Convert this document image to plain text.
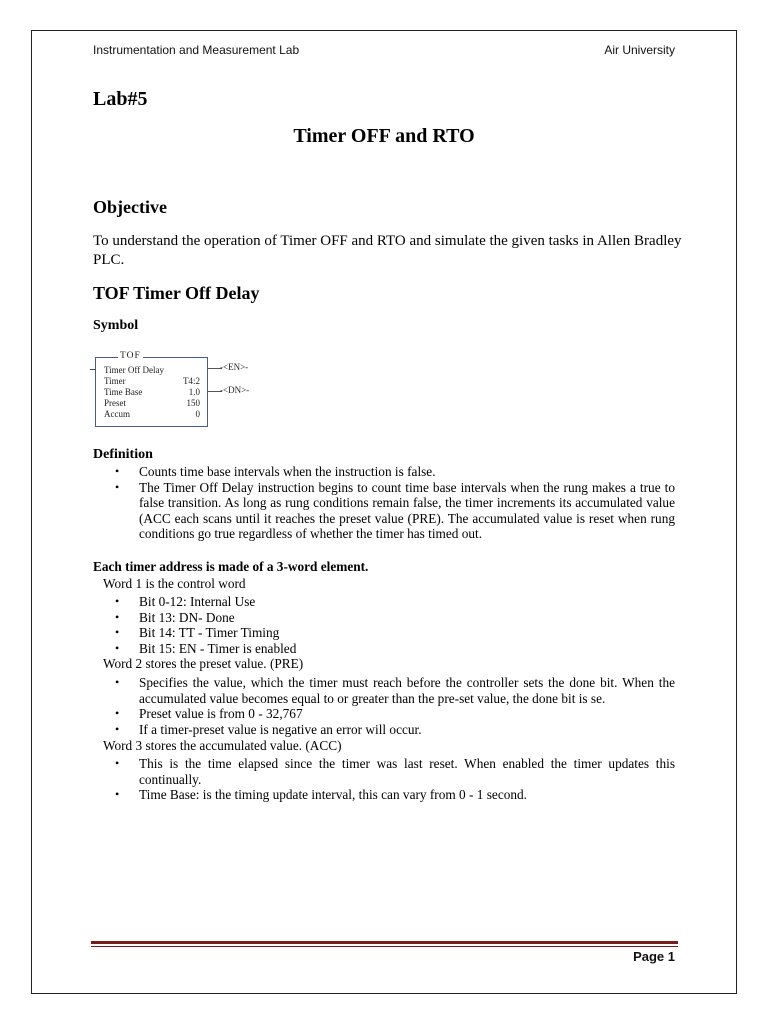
Instrumentation and Measurement Lab	Air University
Lab#5
Timer OFF and RTO
Objective
To understand the operation of Timer OFF and RTO and simulate the given tasks in Allen Bradley PLC.
TOF Timer Off Delay
Symbol
TOF
Timer Off Delay
Timer	T4:2
Time Base	1.0
Preset	150
Accum	0
-<EN>-
-<DN>-
Definition
• Counts time base intervals when the instruction is false.
• The Timer Off Delay instruction begins to count time base intervals when the rung makes a true to false transition. As long as rung conditions remain false, the timer increments its accumulated value (ACC each scans until it reaches the preset value (PRE). The accumulated value is reset when rung conditions go true regardless of whether the timer has timed out.
Each timer address is made of a 3-word element.
Word 1 is the control word
• Bit 0-12: Internal Use
• Bit 13: DN- Done
• Bit 14: TT - Timer Timing
• Bit 15: EN - Timer is enabled
Word 2 stores the preset value. (PRE)
• Specifies the value, which the timer must reach before the controller sets the done bit. When the accumulated value becomes equal to or greater than the pre-set value, the done bit is se.
• Preset value is from 0 - 32,767
• If a timer-preset value is negative an error will occur.
Word 3 stores the accumulated value. (ACC)
• This is the time elapsed since the timer was last reset. When enabled the timer updates this continually.
• Time Base: is the timing update interval, this can vary from 0 - 1 second.
Page 1
